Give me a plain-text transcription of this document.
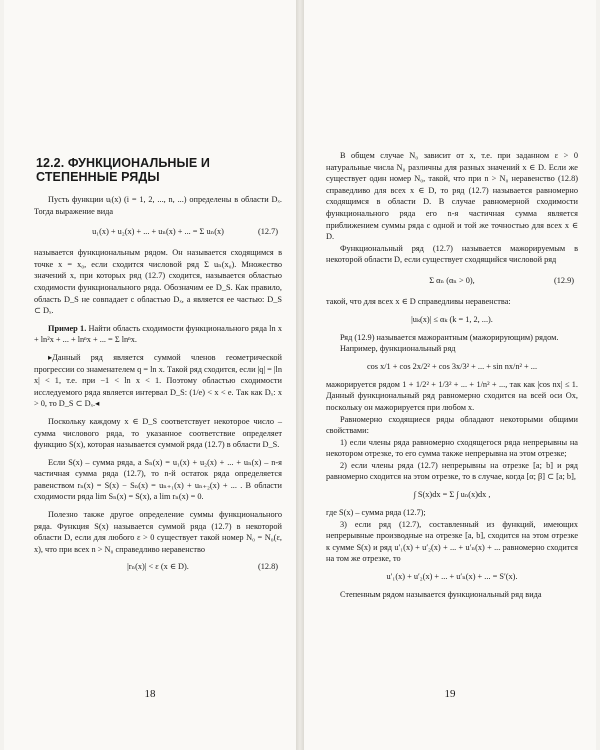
12.2. ФУНКЦИОНАЛЬНЫЕ И СТЕПЕННЫЕ РЯДЫ

Пусть функции uᵢ(x) (i = 1, 2, ..., n, ...) определены в области Dₓ. Тогда выражение вида

u₁(x) + u₂(x) + ... + uₙ(x) + ... = Σ uₙ(x)	(12.7)

называется функциональным рядом. Он называется сходящимся в точке x = x₀, если сходится числовой ряд Σ uₙ(x₀). Множество значений x, при которых ряд (12.7) сходится, называется областью сходимости функционального ряда. Обозначим ее D_S. Как правило, область D_S не совпадает с областью Dₓ, а является ее частью: D_S ⊂ Dₓ.

Пример 1. Найти область сходимости функционального ряда ln x + ln²x + ... + lnⁿx + ... = Σ lnⁿx.

▸Данный ряд является суммой членов геометрической прогрессии со знаменателем q = ln x. Такой ряд сходится, если |q| = |ln x| < 1, т.е. при −1 < ln x < 1. Поэтому областью сходимости исследуемого ряда является интервал D_S: (1/e) < x < e. Так как Dₓ: x > 0, то D_S ⊂ Dₓ.◂

Поскольку каждому x ∈ D_S соответствует некоторое число – сумма числового ряда, то указанное соответствие определяет функцию S(x), которая называется суммой ряда (12.7) в области D_S.

Если S(x) – сумма ряда, а Sₙ(x) = u₁(x) + u₂(x) + ... + uₙ(x) – n-я частичная сумма ряда (12.7), то n-й остаток ряда определяется равенством rₙ(x) = S(x) − Sₙ(x) = uₙ₊₁(x) + uₙ₊₂(x) + ... . В области сходимости ряда lim Sₙ(x) = S(x), а lim rₙ(x) = 0.

Полезно также другое определение суммы функционального ряда. Функция S(x) называется суммой ряда (12.7) в некоторой области D, если для любого ε > 0 существует такой номер N₀ = N₀(ε, x), что при всех n > N₀ справедливо неравенство

|rₙ(x)| < ε (x ∈ D).	(12.8)
18

В общем случае N₀ зависит от x, т.е. при заданном ε > 0 натуральные числа N₀ различны для разных значений x ∈ D. Если же существует один номер N₀, такой, что при n > N₀ неравенство (12.8) справедливо для всех x ∈ D, то ряд (12.7) называется равномерно сходящимся в области D. В случае равномерной сходимости функционального ряда его n-я частичная сумма является приближением суммы ряда с одной и той же точностью для всех x ∈ D.

Функциональный ряд (12.7) называется мажорируемым в некоторой области D, если существует сходящийся числовой ряд

Σ αₙ (αₙ > 0),	(12.9)

такой, что для всех x ∈ D справедливы неравенства:

|uₖ(x)| ≤ αₖ (k = 1, 2, ...).

Ряд (12.9) называется мажорантным (мажорирующим) рядом.

Например, функциональный ряд

cos x/1 + cos 2x/2² + cos 3x/3² + ... + sin nx/n² + ...

мажорируется рядом 1 + 1/2² + 1/3² + ... + 1/n² + ..., так как |cos nx| ≤ 1. Данный функциональный ряд равномерно сходится на всей оси Ox, поскольку он мажорируется при любом x.

Равномерно сходящиеся ряды обладают некоторыми общими свойствами:

1) если члены ряда равномерно сходящегося ряда непрерывны на некотором отрезке, то его сумма также непрерывна на этом отрезке;

2) если члены ряда (12.7) непрерывны на отрезке [a; b] и ряд равномерно сходится на этом отрезке, то в случае, когда [α; β] ⊂ [a; b],

∫ S(x)dx = Σ ∫ uₙ(x)dx ,

где S(x) – сумма ряда (12.7);

3) если ряд (12.7), составленный из функций, имеющих непрерывные производные на отрезке [a, b], сходится на этом отрезке к сумме S(x) и ряд u′₁(x) + u′₂(x) + ... + u′ₙ(x) + ... равномерно сходится на том же отрезке, то

u′₁(x) + u′₂(x) + ... + u′ₙ(x) + ... = S′(x).

Степенным рядом называется функциональный ряд вида

19
